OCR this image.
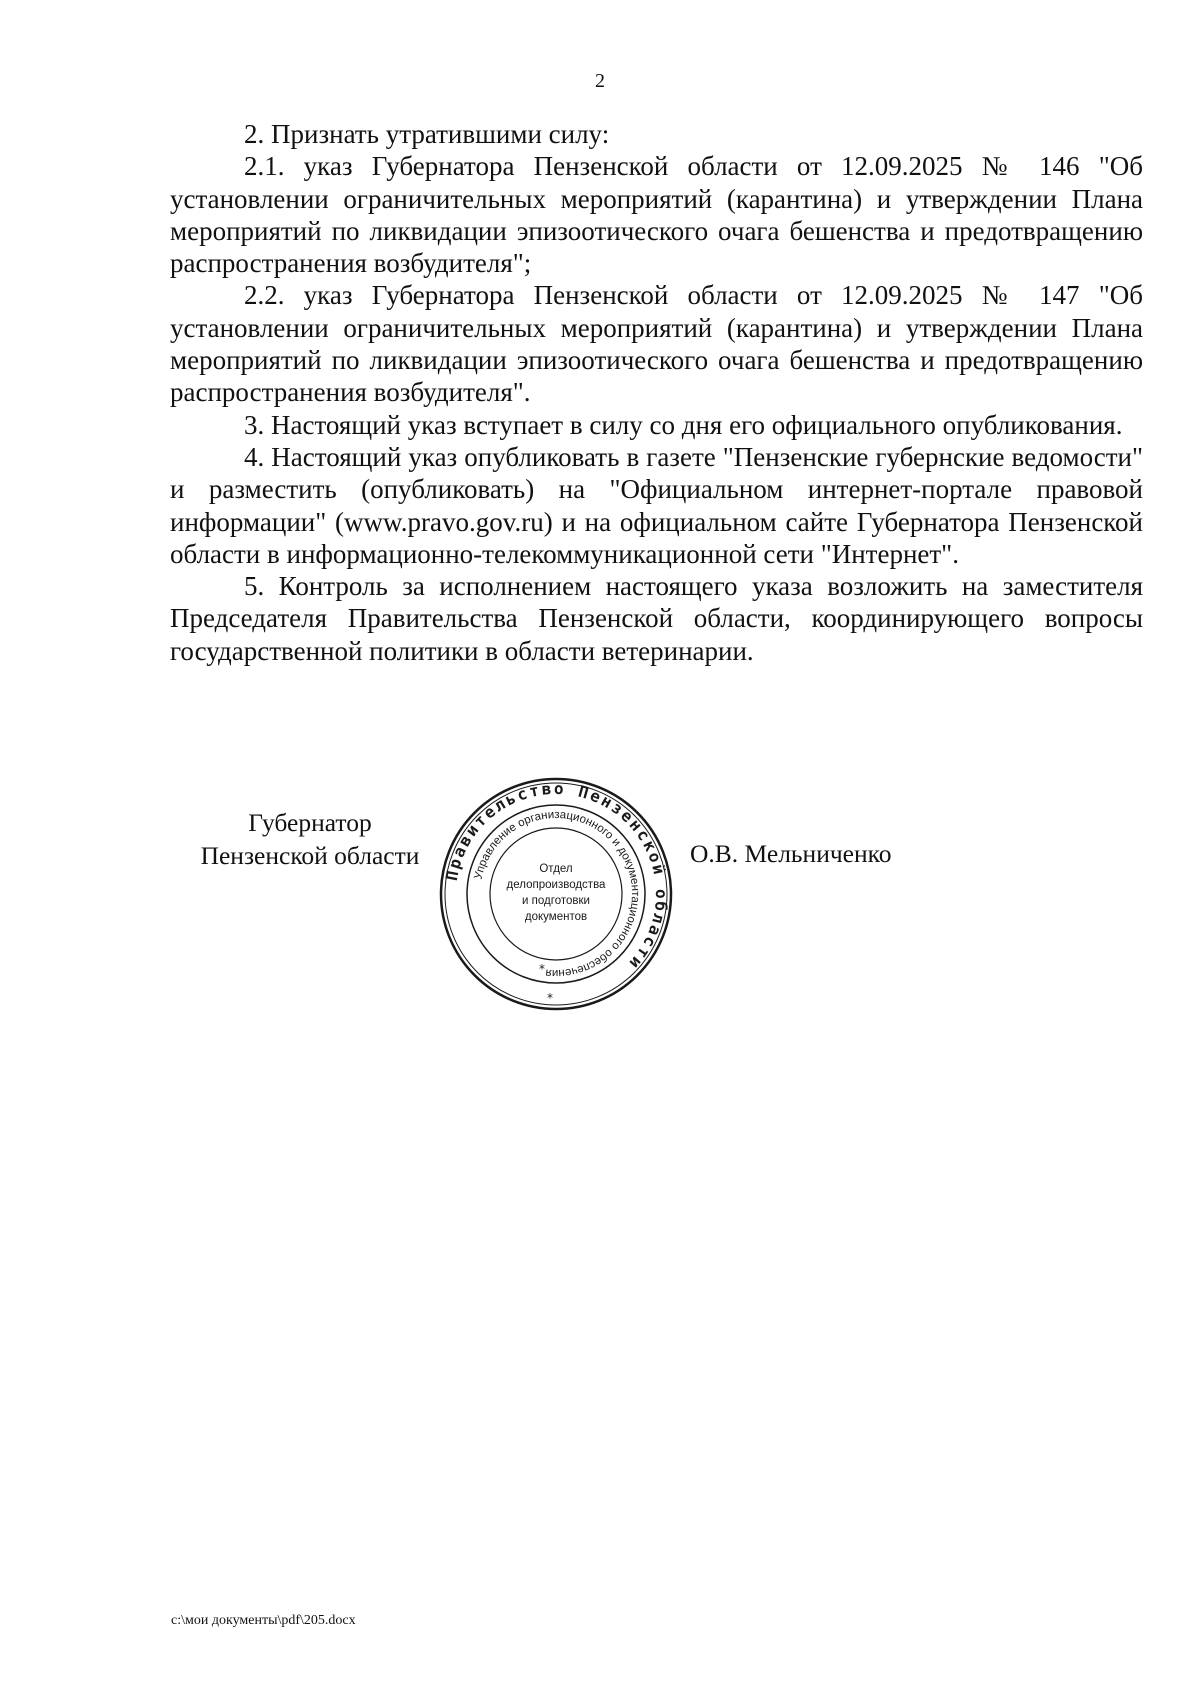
2

2. Признать утратившими силу:

2.1. указ Губернатора Пензенской области от 12.09.2025 № 146 "Об установлении ограничительных мероприятий (карантина) и утверждении Плана мероприятий по ликвидации эпизоотического очага бешенства и предотвращению распространения возбудителя";

2.2. указ Губернатора Пензенской области от 12.09.2025 № 147 "Об установлении ограничительных мероприятий (карантина) и утверждении Плана мероприятий по ликвидации эпизоотического очага бешенства и предотвращению распространения возбудителя".

3. Настоящий указ вступает в силу со дня его официального опубликования.

4. Настоящий указ опубликовать в газете "Пензенские губернские ведомости" и разместить (опубликовать) на "Официальном интернет-портале правовой информации" (www.pravo.gov.ru) и на официальном сайте Губернатора Пензенской области в информационно-телекоммуникационной сети "Интернет".

5. Контроль за исполнением настоящего указа возложить на заместителя Председателя Правительства Пензенской области, координирующего вопросы государственной политики в области ветеринарии.

Губернатор
Пензенской области
Правительство Пензенской области
Управление организационного и документационного обеспечения
Отдел
делопроизводства
и подготовки
документов
*
*
О.В. Мельниченко
c:\мои документы\pdf\205.docx
